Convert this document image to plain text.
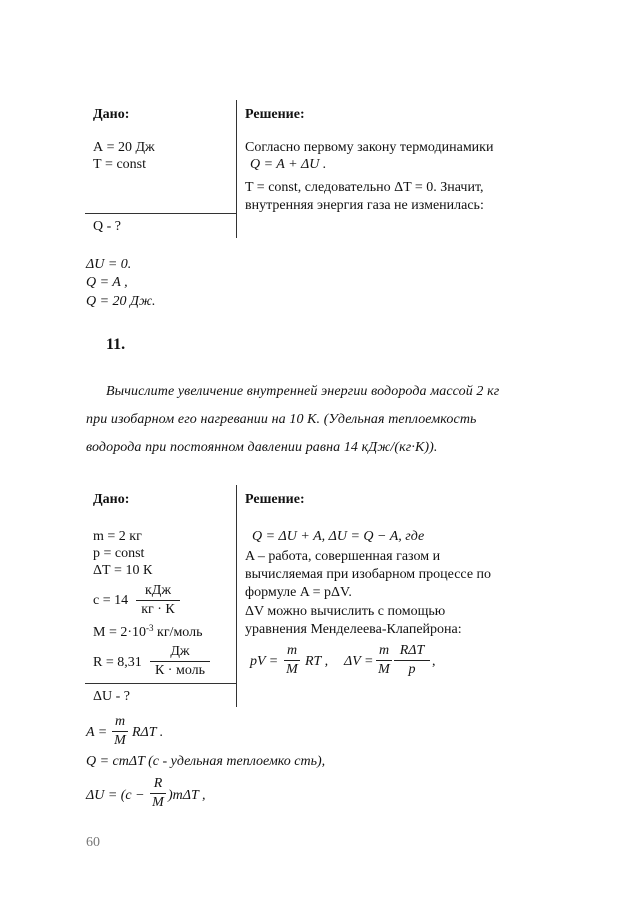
Дано:	Решение:
А = 20 Дж
Т = const
Q - ?
Согласно первому закону термодинамики
Q = A + ΔU .
T = const, следовательно ΔT = 0. Значит,
внутренняя энергия газа не изменилась:
ΔU = 0.
Q = A ,
Q = 20 Дж.
11.
Вычислите увеличение внутренней энергии водорода массой 2 кг
при изобарном его нагревании на 10 К. (Удельная теплоемкость
водорода при постоянном давлении равна 14 кДж/(кг·К)).
Дано:	Решение:
m = 2 кг
p = const
ΔТ = 10 К
c = 14
кДж
кг · К
$М = 2\cdot 10^{-3}$ кг/моль
R = 8,31
Дж
К · моль
ΔU - ?
Q = ΔU + A, ΔU = Q − A, где
A – работа, совершенная газом и
вычисляемая при изобарном процессе по
формуле A = pΔV.
ΔV можно вычислить с помощью
уравнения Менделеева-Клапейрона:
pV =
m
M
RT , ΔV =
m
M
RΔT
p
,
A =
m
M
RΔT .
Q = cmΔT (с - удельная теплоемко сть),
ΔU = (c −
R
M )mΔT ,
60
